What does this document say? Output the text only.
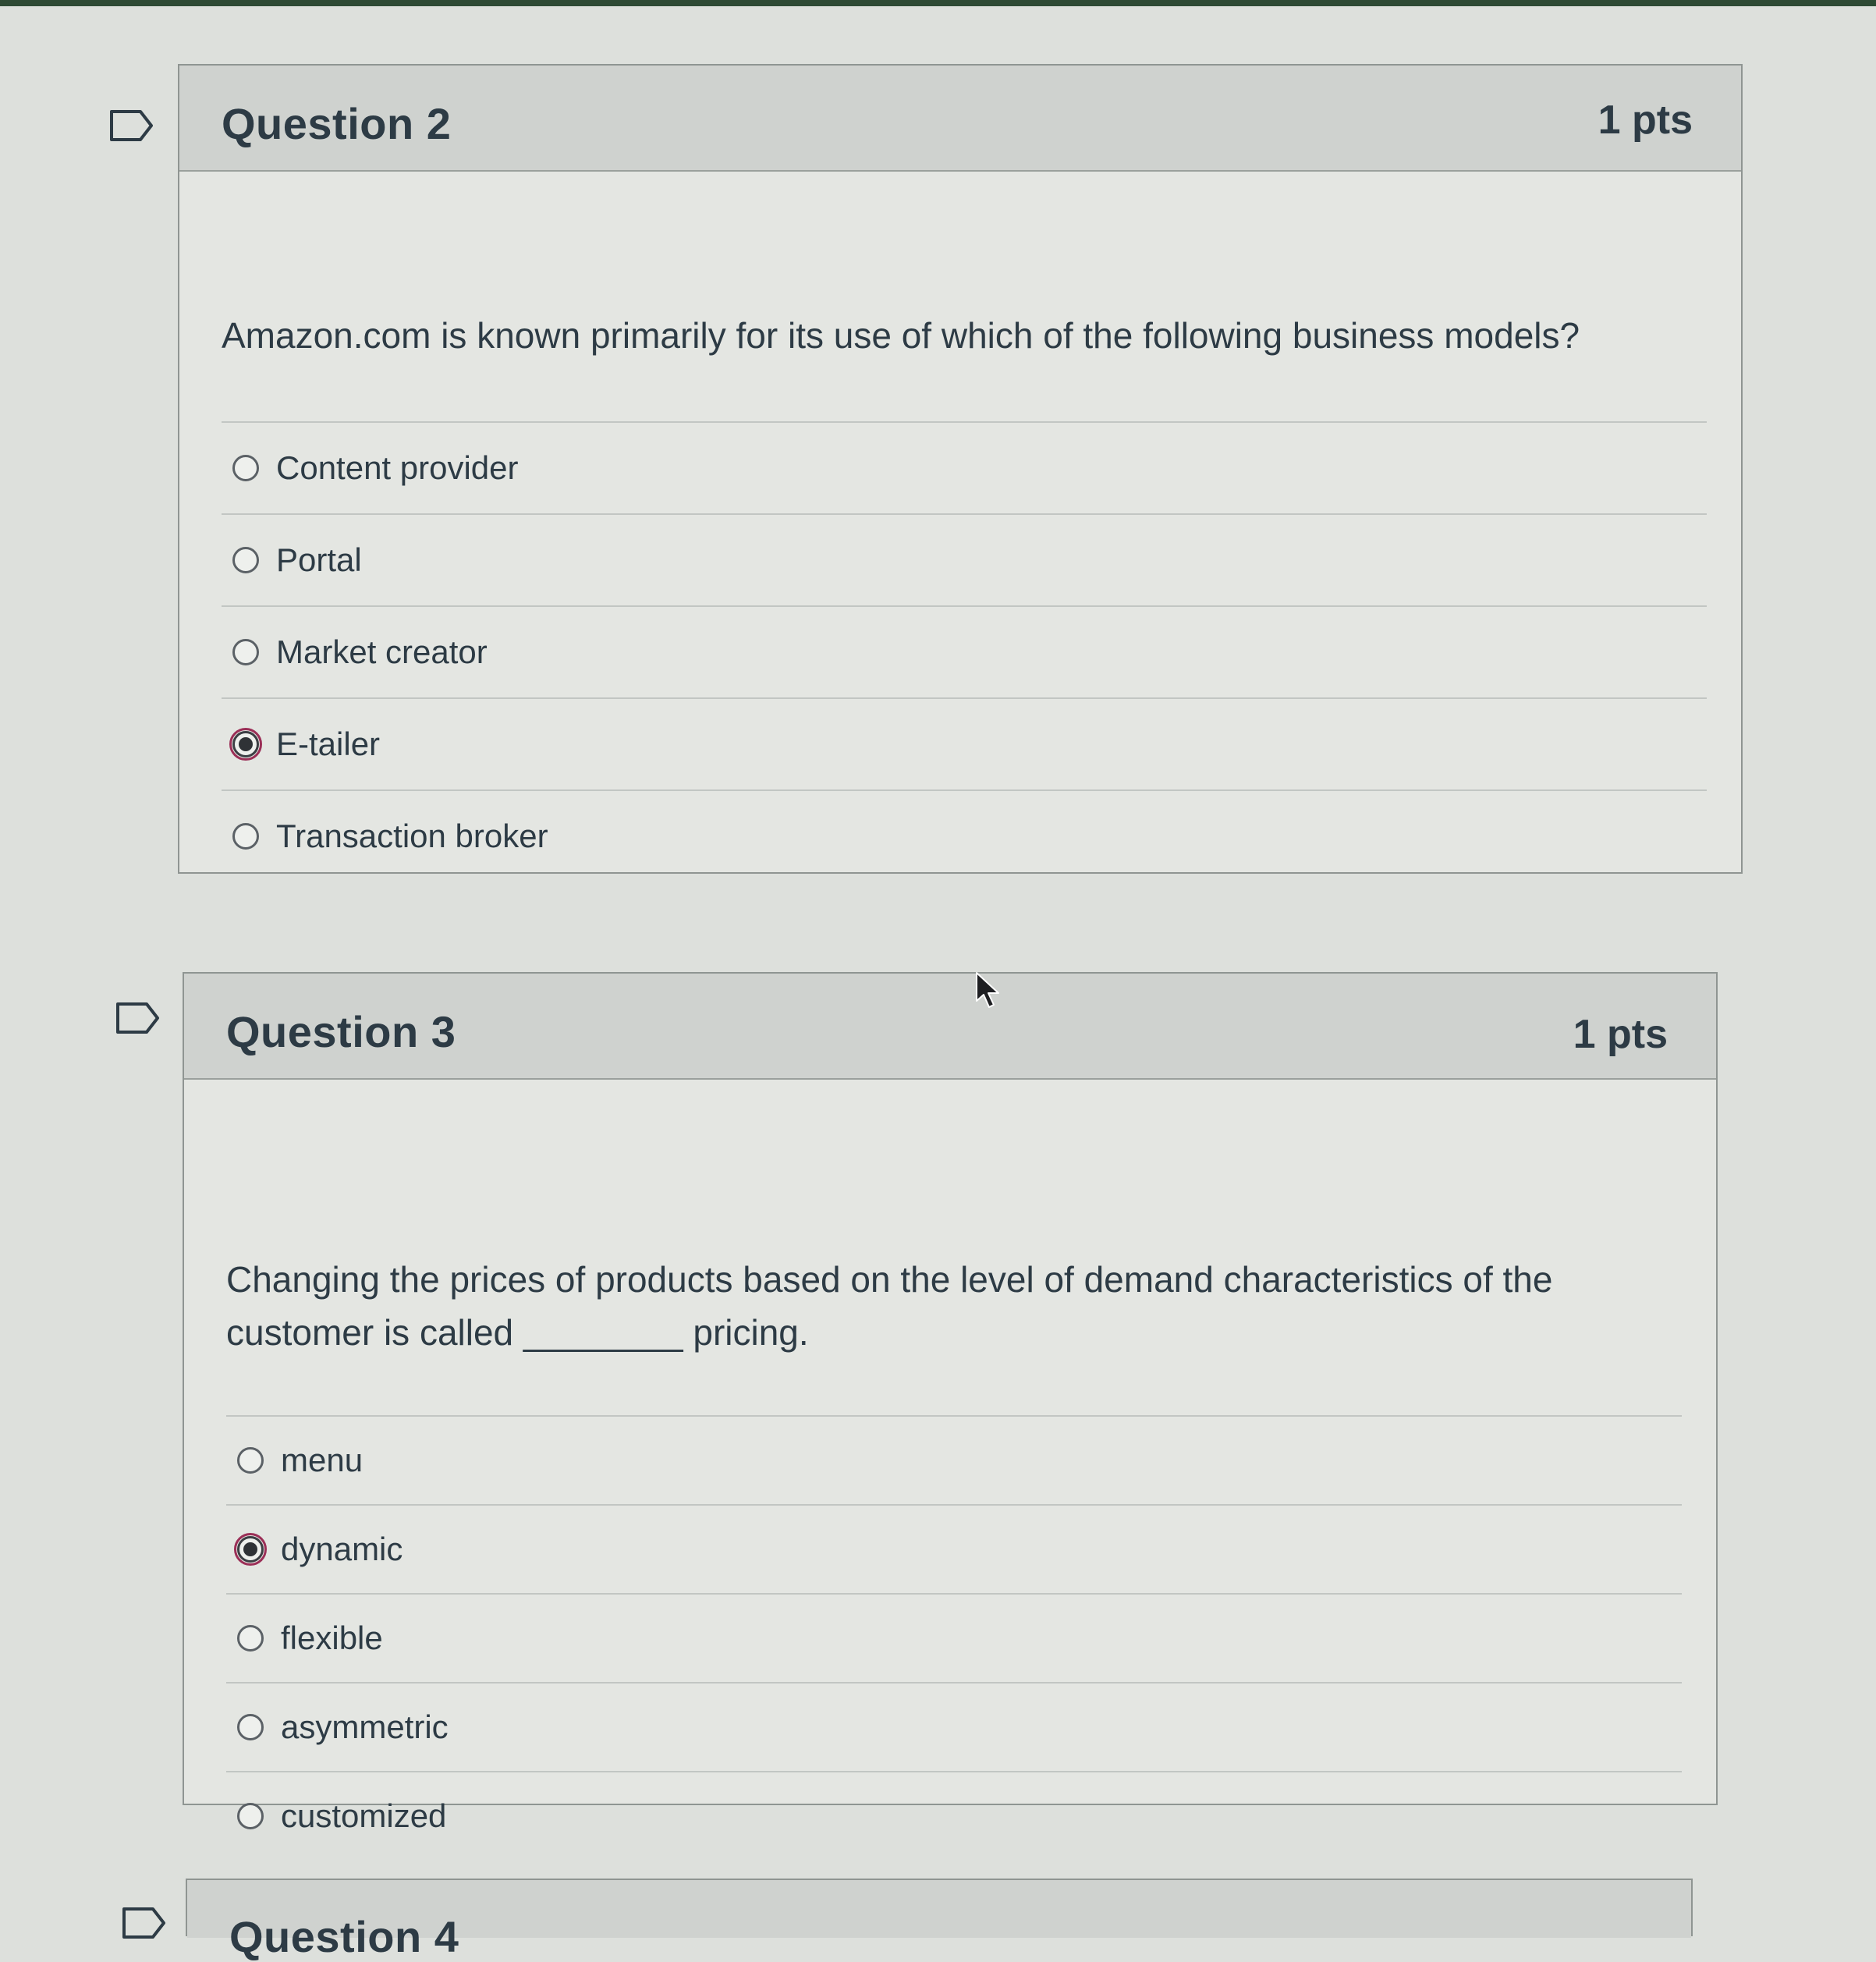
Question 2	1 pts

Amazon.com is known primarily for its use of which of the following business models?

Content provider
Portal
Market creator
E-tailer
Transaction broker
Question 3	1 pts

Changing the prices of products based on the level of demand characteristics of the

customer is called ________ pricing.

menu
dynamic
flexible
asymmetric
customized
Question 4
